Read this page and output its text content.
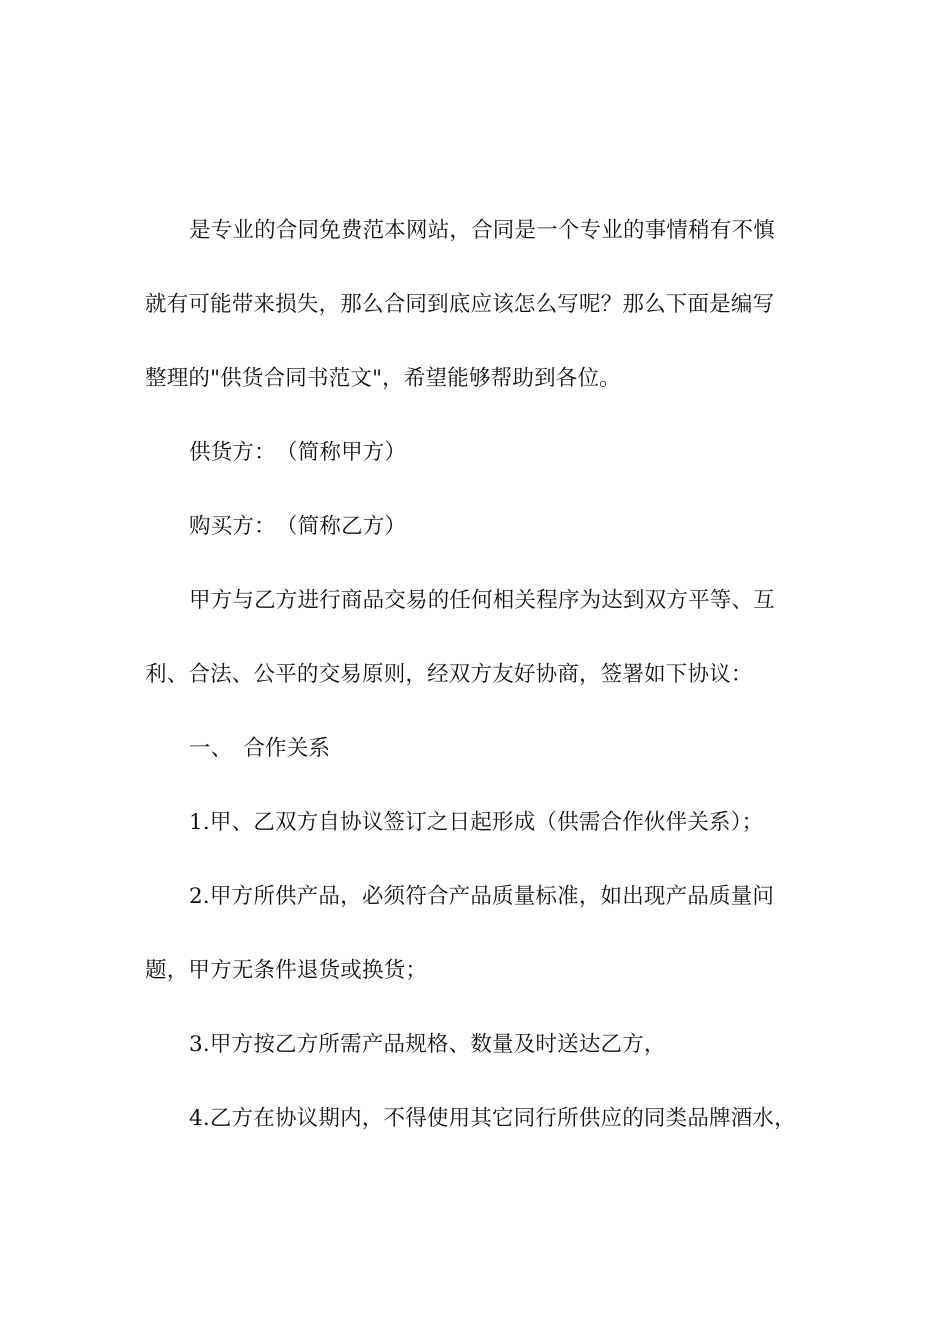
是专业的合同免费范本网站，合同是一个专业的事情稍有不慎
就有可能带来损失，那么合同到底应该怎么写呢？那么下面是编写
整理的"供货合同书范文"，希望能够帮助到各位。
供货方：　（简称甲方）
购买方：　（简称乙方）
甲方与乙方进行商品交易的任何相关程序为达到双方平等、互
利、合法、公平的交易原则，经双方友好协商，签署如下协议：
一、　合作关系
1.甲、乙双方自协议签订之日起形成（供需合作伙伴关系）；
2.甲方所供产品，必须符合产品质量标准，如出现产品质量问
题，甲方无条件退货或换货；
3.甲方按乙方所需产品规格、数量及时送达乙方，
4.乙方在协议期内，不得使用其它同行所供应的同类品牌酒水，
